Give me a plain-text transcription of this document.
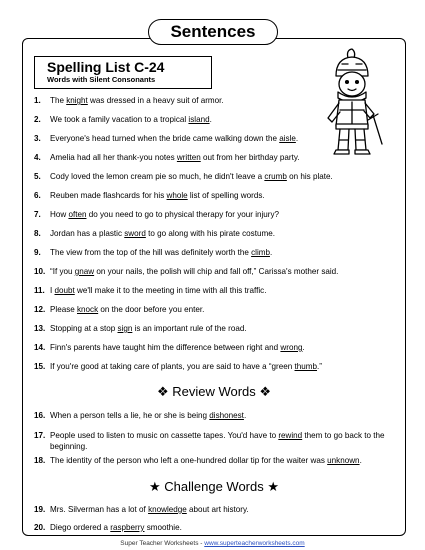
Sentences
Spelling List C-24
Words with Silent Consonants
1. The knight was dressed in a heavy suit of armor.
2. We took a family vacation to a tropical island.
3. Everyone's head turned when the bride came walking down the aisle.
4. Amelia had all her thank-you notes written out from her birthday party.
5. Cody loved the lemon cream pie so much, he didn't leave a crumb on his plate.
6. Reuben made flashcards for his whole list of spelling words.
7. How often do you need to go to physical therapy for your injury?
8. Jordan has a plastic sword to go along with his pirate costume.
9. The view from the top of the hill was definitely worth the climb.
10. “If you gnaw on your nails, the polish will chip and fall off,” Carissa's mother said.
11. I doubt we'll make it to the meeting in time with all this traffic.
12. Please knock on the door before you enter.
13. Stopping at a stop sign is an important rule of the road.
14. Finn's parents have taught him the difference between right and wrong.
15. If you're good at taking care of plants, you are said to have a “green thumb.”
16. When a person tells a lie, he or she is being dishonest.
17. People used to listen to music on cassette tapes. You'd have to rewind them to go back to the beginning.
18. The identity of the person who left a one-hundred dollar tip for the waiter was unknown.
19. Mrs. Silverman has a lot of knowledge about art history.
20. Diego ordered a raspberry smoothie.
❖ Review Words ❖
★ Challenge Words ★
Super Teacher Worksheets - www.superteacherworksheets.com
